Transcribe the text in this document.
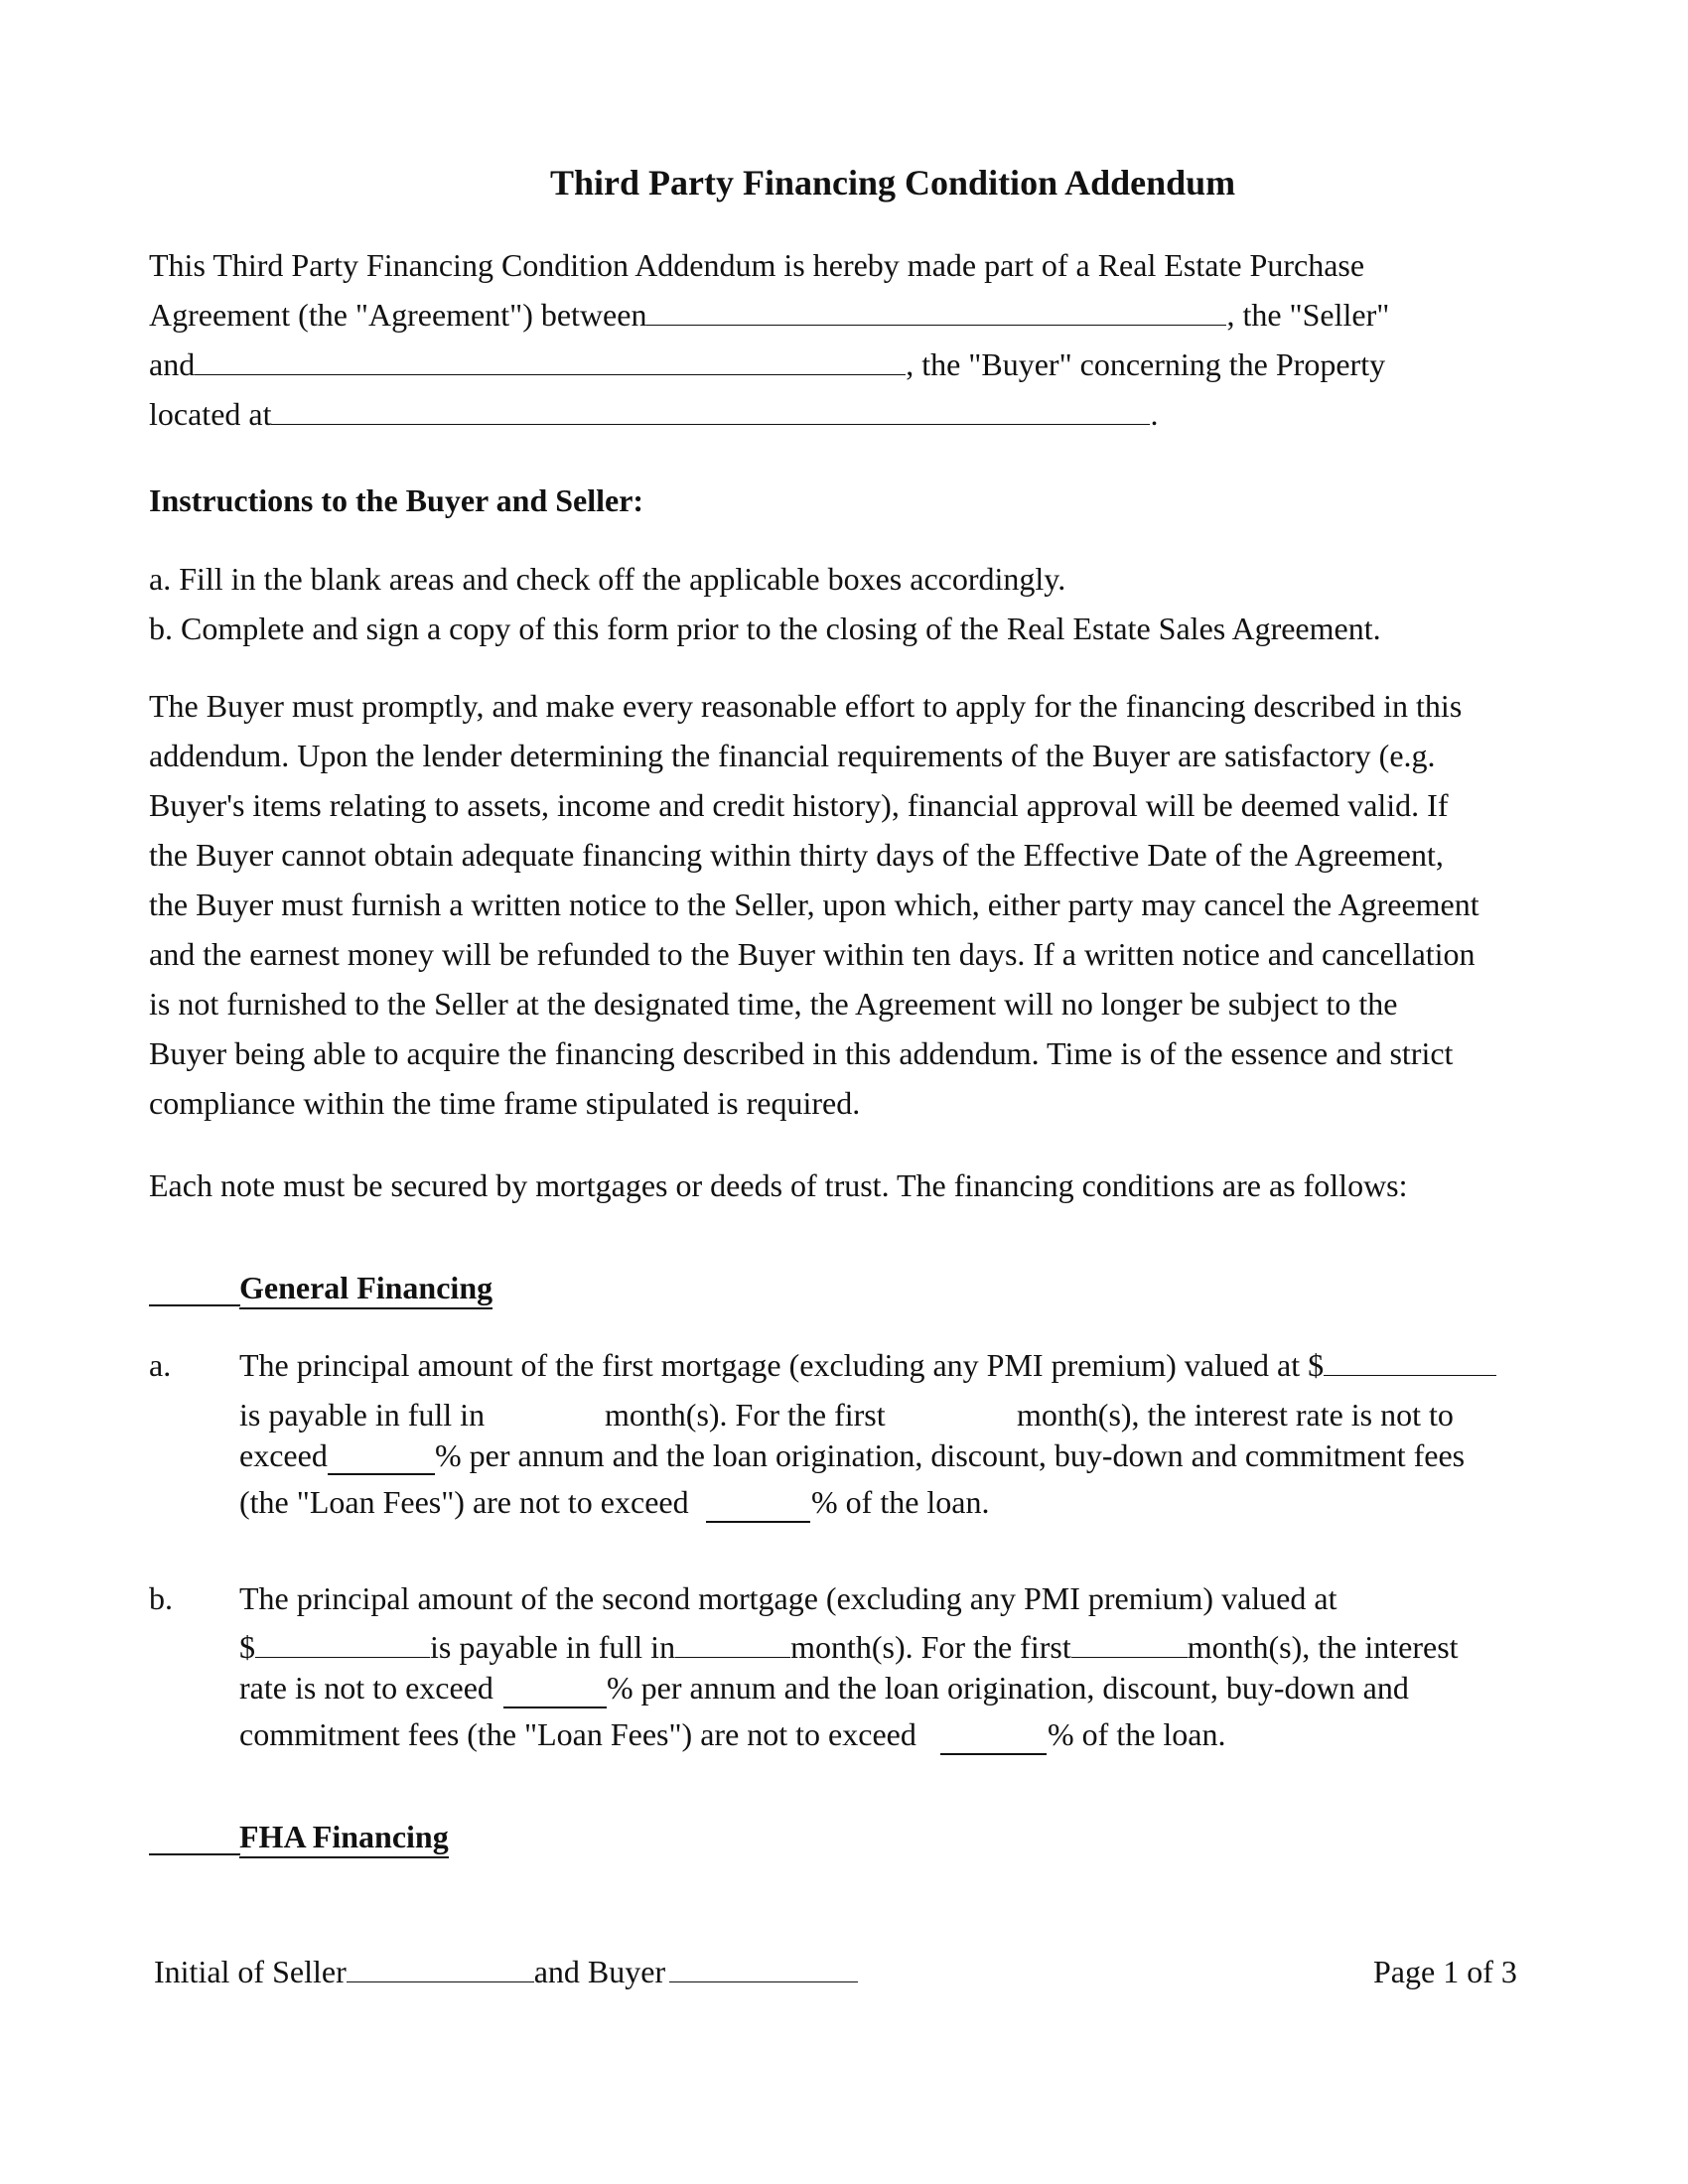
Third Party Financing Condition Addendum
This Third Party Financing Condition Addendum is hereby made part of a Real Estate Purchase
Agreement (the "Agreement") between	, the "Seller"
and	, the "Buyer" concerning the Property
located at	.
Instructions to the Buyer and Seller:
a. Fill in the blank areas and check off the applicable boxes accordingly.
b. Complete and sign a copy of this form prior to the closing of the Real Estate Sales Agreement.
The Buyer must promptly, and make every reasonable effort to apply for the financing described in this
addendum. Upon the lender determining the financial requirements of the Buyer are satisfactory (e.g.
Buyer's items relating to assets, income and credit history), financial approval will be deemed valid. If
the Buyer cannot obtain adequate financing within thirty days of the Effective Date of the Agreement,
the Buyer must furnish a written notice to the Seller, upon which, either party may cancel the Agreement
and the earnest money will be refunded to the Buyer within ten days. If a written notice and cancellation
is not furnished to the Seller at the designated time, the Agreement will no longer be subject to the
Buyer being able to acquire the financing described in this addendum. Time is of the essence and strict
compliance within the time frame stipulated is required.
Each note must be secured by mortgages or deeds of trust. The financing conditions are as follows:
General Financing
a. The principal amount of the first mortgage (excluding any PMI premium) valued at $
is payable in full in	month(s). For the first	month(s), the interest rate is not to
exceed	% per annum and the loan origination, discount, buy-down and commitment fees
(the "Loan Fees") are not to exceed	% of the loan.
b. The principal amount of the second mortgage (excluding any PMI premium) valued at
$	is payable in full in	month(s). For the first	month(s), the interest
rate is not to exceed	% per annum and the loan origination, discount, buy-down and
commitment fees (the "Loan Fees") are not to exceed	% of the loan.
FHA Financing
Initial of Seller	and Buyer	Page 1 of 3
